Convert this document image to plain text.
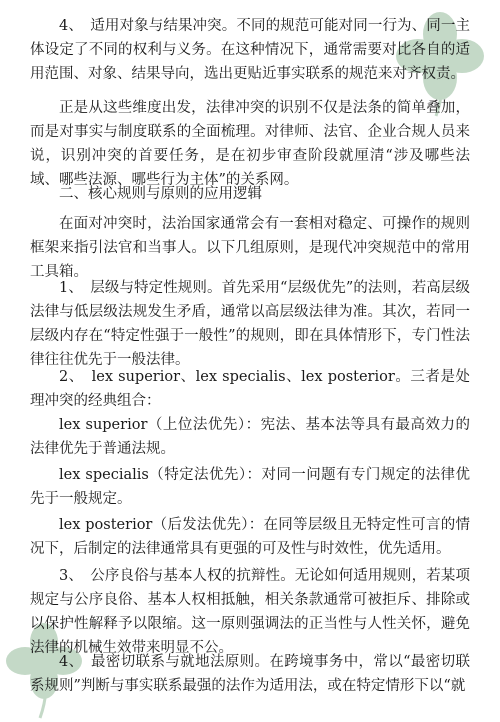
4、　适用对象与结果冲突。不同的规范可能对同一行为、同一主体设定了不同的权利与义务。在这种情况下，通常需要对比各自的适用范围、对象、结果导向，选出更贴近事实联系的规范来对齐权责。

正是从这些维度出发，法律冲突的识别不仅是法条的简单叠加，而是对事实与制度联系的全面梳理。对律师、法官、企业合规人员来说，识别冲突的首要任务，是在初步审查阶段就厘清“涉及哪些法域、哪些法源、哪些行为主体”的关系网。

二、核心规则与原则的应用逻辑

在面对冲突时，法治国家通常会有一套相对稳定、可操作的规则框架来指引法官和当事人。以下几组原则，是现代冲突规范中的常用工具箱。

1、　层级与特定性规则。首先采用“层级优先”的法则，若高层级法律与低层级法规发生矛盾，通常以高层级法律为准。其次，若同一层级内存在“特定性强于一般性”的规则，即在具体情形下，专门性法律往往优先于一般法律。

2、　lex superior、lex specialis、lex posterior。三者是处理冲突的经典组合：

lex superior（上位法优先）：宪法、基本法等具有最高效力的法律优先于普通法规。

lex specialis（特定法优先）：对同一问题有专门规定的法律优先于一般规定。

lex posterior（后发法优先）：在同等层级且无特定性可言的情况下，后制定的法律通常具有更强的可及性与时效性，优先适用。

3、　公序良俗与基本人权的抗辩性。无论如何适用规则，若某项规定与公序良俗、基本人权相抵触，相关条款通常可被拒斥、排除或以保护性解释予以限缩。这一原则强调法的正当性与人性关怀，避免法律的机械生效带来明显不公。

4、　最密切联系与就地法原则。在跨境事务中，常以“最密切联系规则”判断与事实联系最强的法作为适用法，或在特定情形下以“就
